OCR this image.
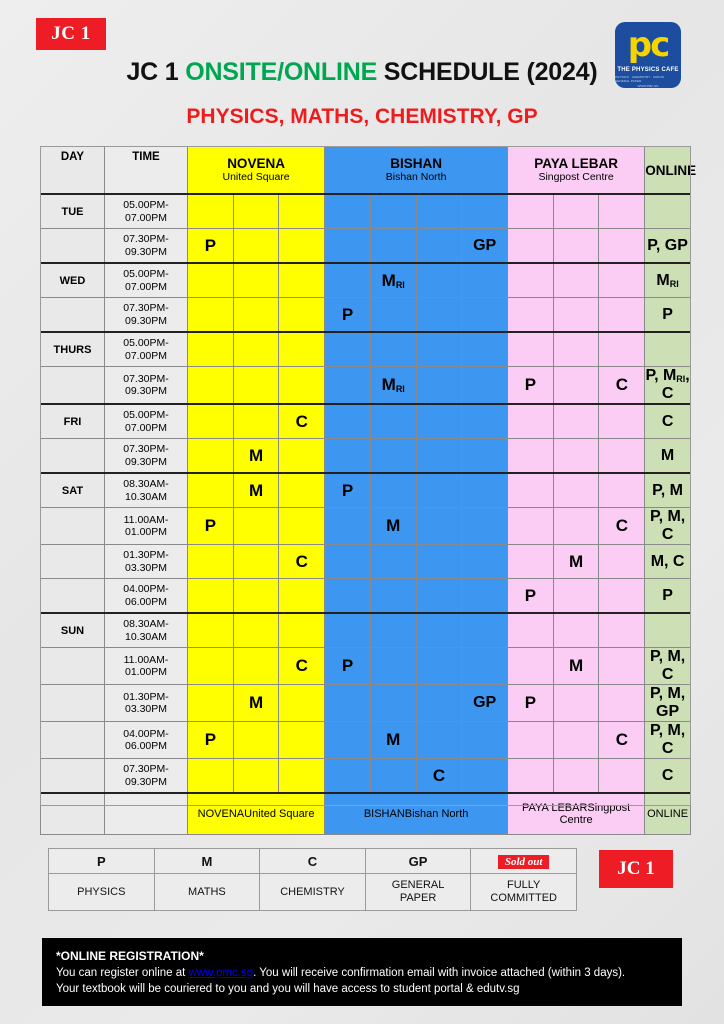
JC 1	pc
THE PHYSICS CAFE
PHYSICS · CHEMISTRY · MATHS · GENERAL PAPER
WWW.PMC.SG
JC 1 ONSITE/ONLINE SCHEDULE (2024)
PHYSICS, MATHS, CHEMISTRY, GP
DAY	TIME	NOVENA
United Square			BISHAN
Bishan North				PAYA LEBAR
Singpost Centre			ONLINE

TUE	05.00PM-
07.00PM											
	07.30PM-
09.30PM	P						GP				P, GP
WED	05.00PM-
07.00PM					MRI						MRI
	07.30PM-
09.30PM				P							P
THURS	05.00PM-
07.00PM											
	07.30PM-
09.30PM					MRI			P		C	P, MRI, C
FRI	05.00PM-
07.00PM			C								C
	07.30PM-
09.30PM		M									M
SAT	08.30AM-
10.30AM		M		P							P, M
	11.00AM-
01.00PM	P				M					C	P, M, C
	01.30PM-
03.30PM			C						M		M, C
	04.00PM-
06.00PM								P			P
SUN	08.30AM-
10.30AM											
	11.00AM-
01.00PM			C	P					M		P, M, C
	01.30PM-
03.30PM		M					GP	P			P, M, GP
	04.00PM-
06.00PM	P				M					C	P, M, C
	07.30PM-
09.30PM						C					C
		NOVENAUnited Square			BISHANBishan North				PAYA LEBARSingpost Centre			ONLINE
P	M	C	GP	Sold out
PHYSICS	MATHS	CHEMISTRY	GENERAL
PAPER	FULLY
COMMITTED
JC 1
*ONLINE REGISTRATION*
You can register online at www.pmc.sg. You will receive confirmation email with invoice attached (within 3 days).
Your textbook will be couriered to you and you will have access to student portal & edutv.sg
